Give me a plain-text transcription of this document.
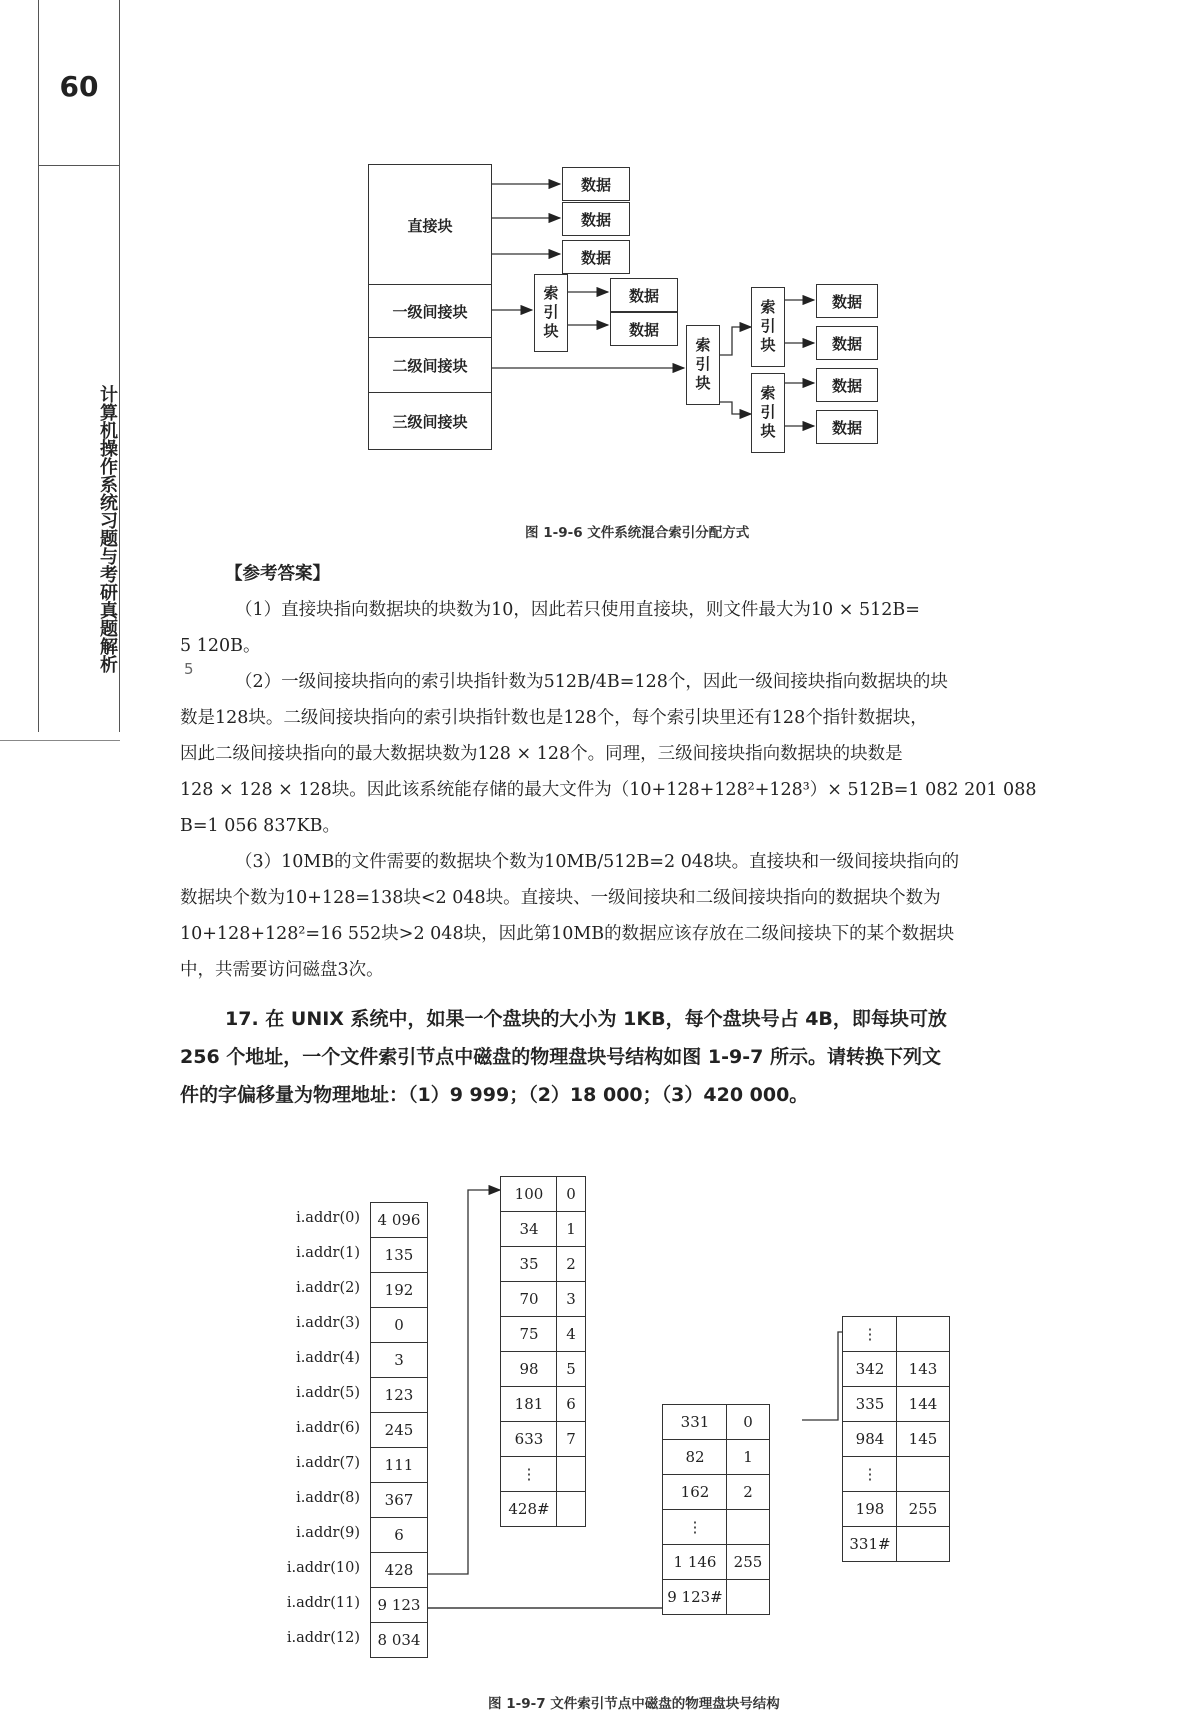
60
计算机操作系统习题与考研真题解析	5
直接块
一级间接块
二级间接块
三级间接块
数据
数据
数据
索引块	数据
数据
索引块
索引块
索引块
数据
数据
数据
数据
图 1-9-6 文件系统混合索引分配方式

【参考答案】

（1）直接块指向数据块的块数为10，因此若只使用直接块，则文件最大为10 × 512B=

5 120B。

（2）一级间接块指向的索引块指针数为512B/4B=128个，因此一级间接块指向数据块的块

数是128块。二级间接块指向的索引块指针数也是128个，每个索引块里还有128个指针数据块，

因此二级间接块指向的最大数据块数为128 × 128个。同理，三级间接块指向数据块的块数是

128 × 128 × 128块。因此该系统能存储的最大文件为（10+128+128²+128³）× 512B=1 082 201 088

B=1 056 837KB。

（3）10MB的文件需要的数据块个数为10MB/512B=2 048块。直接块和一级间接块指向的

数据块个数为10+128=138块<2 048块。直接块、一级间接块和二级间接块指向的数据块个数为

10+128+128²=16 552块>2 048块，因此第10MB的数据应该存放在二级间接块下的某个数据块

中，共需要访问磁盘3次。

17. 在 UNIX 系统中，如果一个盘块的大小为 1KB，每个盘块号占 4B，即每块可放

256 个地址，一个文件索引节点中磁盘的物理盘块号结构如图 1-9-7 所示。请转换下列文

件的字偏移量为物理地址：（1）9 999；（2）18 000；（3）420 000。

i.addr(0)	4 096
i.addr(1)	135
i.addr(2)	192
i.addr(3)	0
i.addr(4)	3
i.addr(5)	123
i.addr(6)	245
i.addr(7)	111
i.addr(8)	367
i.addr(9)	6
i.addr(10)	428
i.addr(11)	9 123
i.addr(12)	8 034
100	0
34	1
35	2
70	3
75	4
98	5
181	6
633	7
⋮
428#
331	0
82	1
162	2
⋮
1 146	255
9 123#
⋮
342	143
335	144
984	145
⋮
198	255
331#
图 1-9-7 文件索引节点中磁盘的物理盘块号结构
